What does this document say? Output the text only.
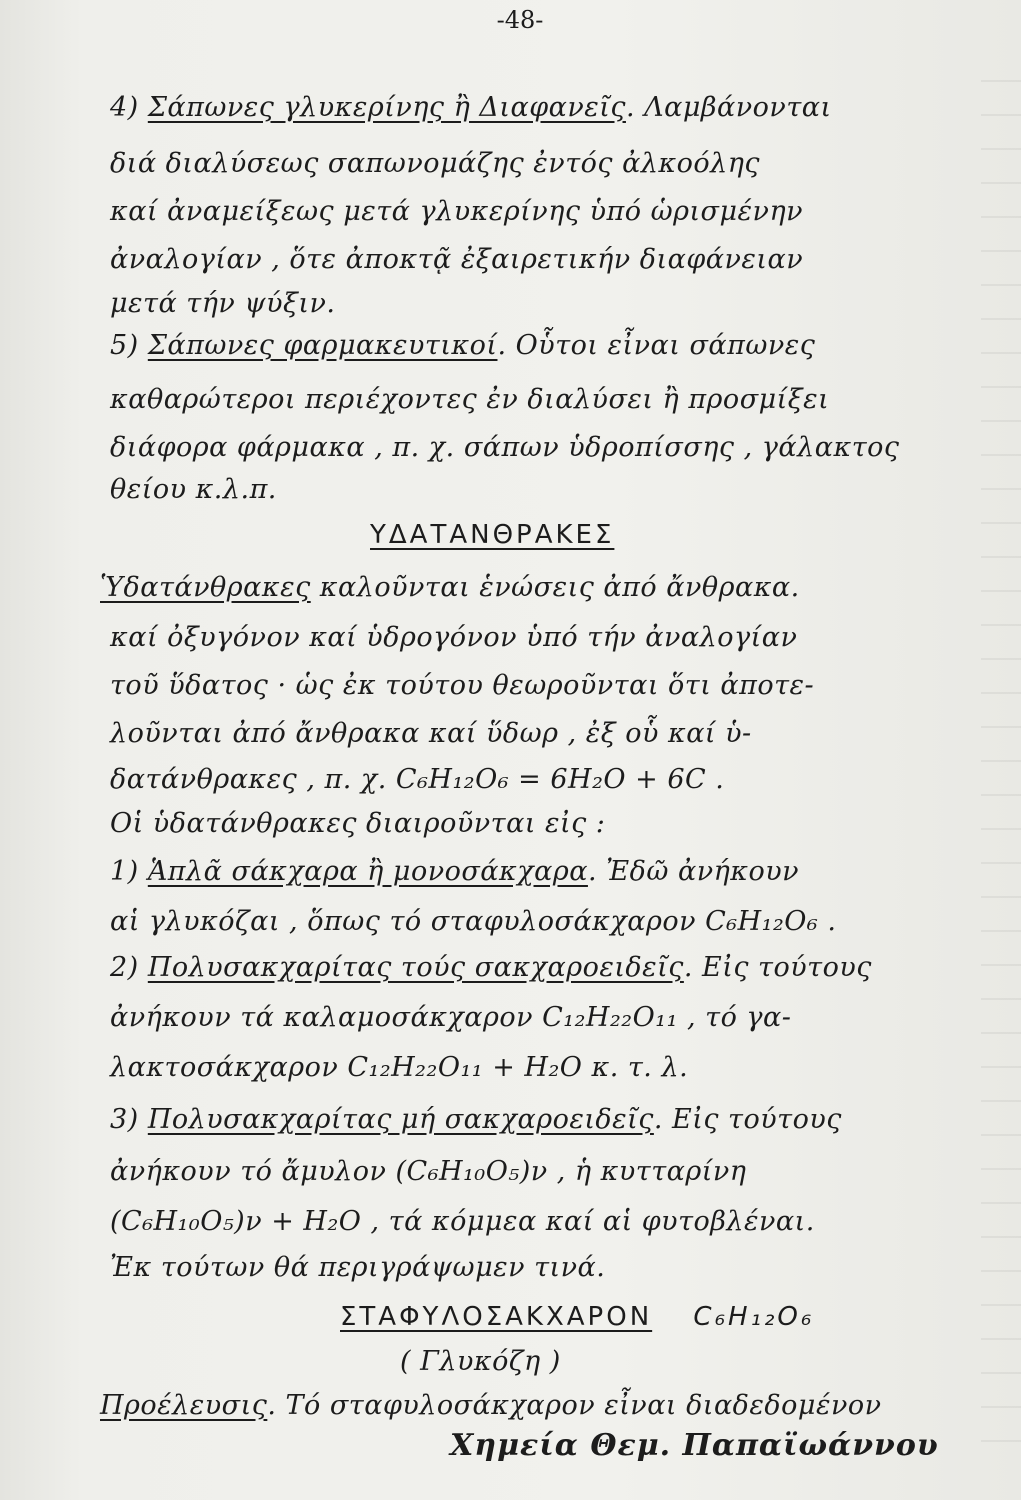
-48-
4) Σάπωνες γλυκερίνης ἢ Διαφανεῖς. Λαμβάνονται
διά διαλύσεως σαπωνομάζης ἐντός ἀλκοόλης
καί ἀναμείξεως μετά γλυκερίνης ὑπό ὡρισμένην
ἀναλογίαν , ὅτε ἀποκτᾷ ἐξαιρετικήν διαφάνειαν
μετά τήν ψύξιν.
5) Σάπωνες φαρμακευτικοί. Οὗτοι εἶναι σάπωνες
καθαρώτεροι περιέχοντες ἐν διαλύσει ἢ προσμίξει
διάφορα φάρμακα , π. χ. σάπων ὑδροπίσσης , γάλακτος
θείου κ.λ.π.
ΥΔΑΤΑΝΘΡΑΚΕΣ
Ὑδατάνθρακες καλοῦνται ἑνώσεις ἀπό ἄνθρακα.
καί ὀξυγόνον καί ὑδρογόνον ὑπό τήν ἀναλογίαν
τοῦ ὕδατος · ὡς ἐκ τούτου θεωροῦνται ὅτι ἀποτε-
λοῦνται ἀπό ἄνθρακα καί ὕδωρ , ἐξ οὗ καί ὑ-
δατάνθρακες , π. χ. C₆H₁₂O₆ = 6H₂O + 6C .
Οἱ ὑδατάνθρακες διαιροῦνται εἰς :
1) Ἁπλᾶ σάκχαρα ἢ μονοσάκχαρα. Ἐδῶ ἀνήκουν
αἱ γλυκόζαι , ὅπως τό σταφυλοσάκχαρον C₆H₁₂O₆ .
2) Πολυσακχαρίτας τούς σακχαροειδεῖς. Εἰς τούτους
ἀνήκουν τά καλαμοσάκχαρον C₁₂H₂₂O₁₁ , τό γα-
λακτοσάκχαρον C₁₂H₂₂O₁₁ + H₂O κ. τ. λ.
3) Πολυσακχαρίτας μή σακχαροειδεῖς. Εἰς τούτους
ἀνήκουν τό ἄμυλον (C₆H₁₀O₅)ν , ἡ κυτταρίνη
(C₆H₁₀O₅)ν + H₂O , τά κόμμεα καί αἱ φυτοβλέναι.
Ἐκ τούτων θά περιγράψωμεν τινά.
ΣΤΑΦΥΛΟΣΑΚΧΑΡΟΝ C₆H₁₂O₆
( Γλυκόζη )
Προέλευσις. Τό σταφυλοσάκχαρον εἶναι διαδεδομένον
Χημεία Θεμ. Παπαϊωάννου
